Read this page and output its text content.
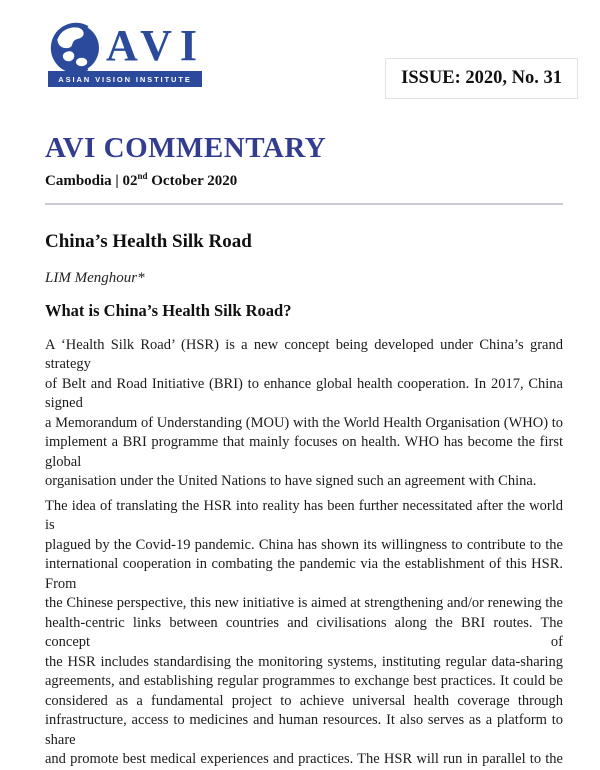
AVI
ASIAN VISION INSTITUTE	ISSUE: 2020, No. 31
AVI COMMENTARY
Cambodia | 02nd October 2020
China’s Health Silk Road
LIM Menghour*
What is China’s Health Silk Road?
A ‘Health Silk Road’ (HSR) is a new concept being developed under China’s grand strategy
of Belt and Road Initiative (BRI) to enhance global health cooperation. In 2017, China signed
a Memorandum of Understanding (MOU) with the World Health Organisation (WHO) to
implement a BRI programme that mainly focuses on health. WHO has become the first global
organisation under the United Nations to have signed such an agreement with China.
The idea of translating the HSR into reality has been further necessitated after the world is
plagued by the Covid-19 pandemic. China has shown its willingness to contribute to the
international cooperation in combating the pandemic via the establishment of this HSR. From
the Chinese perspective, this new initiative is aimed at strengthening and/or renewing the
health-centric links between countries and civilisations along the BRI routes. The concept of
the HSR includes standardising the monitoring systems, instituting regular data-sharing
agreements, and establishing regular programmes to exchange best practices. It could be
considered as a fundamental project to achieve universal health coverage through
infrastructure, access to medicines and human resources. It also serves as a platform to share
and promote best medical experiences and practices. The HSR will run in parallel to the
